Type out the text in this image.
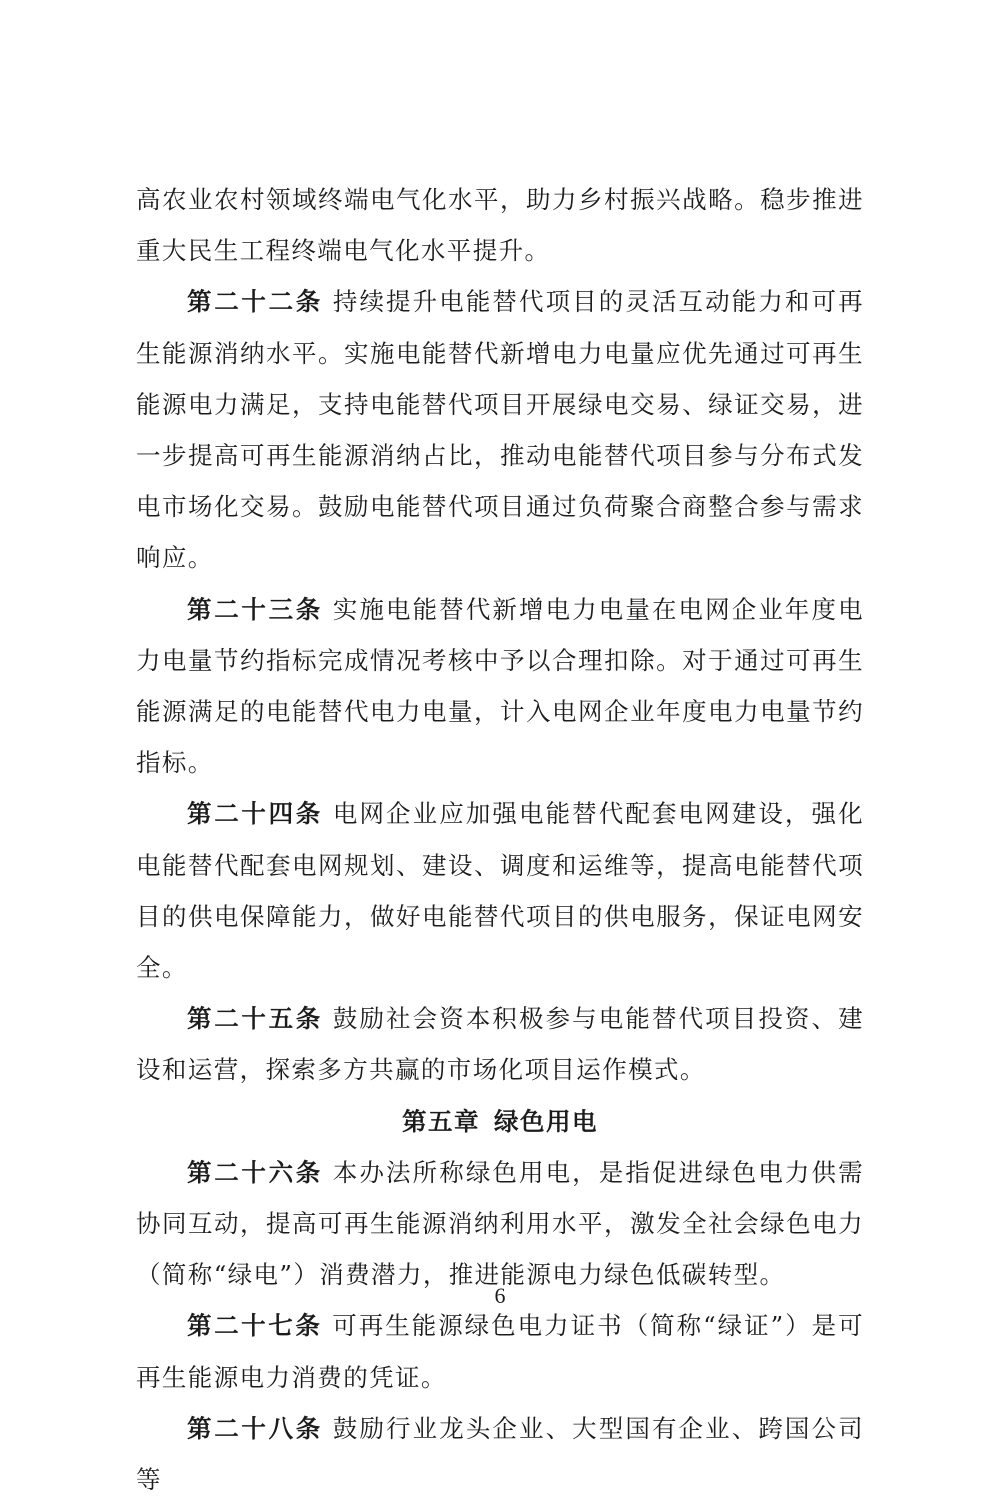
高农业农村领域终端电气化水平，助力乡村振兴战略。稳步推进重大民生工程终端电气化水平提升。

第二十二条 持续提升电能替代项目的灵活互动能力和可再生能源消纳水平。实施电能替代新增电力电量应优先通过可再生能源电力满足，支持电能替代项目开展绿电交易、绿证交易，进一步提高可再生能源消纳占比，推动电能替代项目参与分布式发电市场化交易。鼓励电能替代项目通过负荷聚合商整合参与需求响应。

第二十三条 实施电能替代新增电力电量在电网企业年度电力电量节约指标完成情况考核中予以合理扣除。对于通过可再生能源满足的电能替代电力电量，计入电网企业年度电力电量节约指标。

第二十四条 电网企业应加强电能替代配套电网建设，强化电能替代配套电网规划、建设、调度和运维等，提高电能替代项目的供电保障能力，做好电能替代项目的供电服务，保证电网安全。

第二十五条 鼓励社会资本积极参与电能替代项目投资、建设和运营，探索多方共赢的市场化项目运作模式。

第五章 绿色用电

第二十六条 本办法所称绿色用电，是指促进绿色电力供需协同互动，提高可再生能源消纳利用水平，激发全社会绿色电力（简称“绿电”）消费潜力，推进能源电力绿色低碳转型。

第二十七条 可再生能源绿色电力证书（简称“绿证”）是可再生能源电力消费的凭证。

第二十八条 鼓励行业龙头企业、大型国有企业、跨国公司等

6
